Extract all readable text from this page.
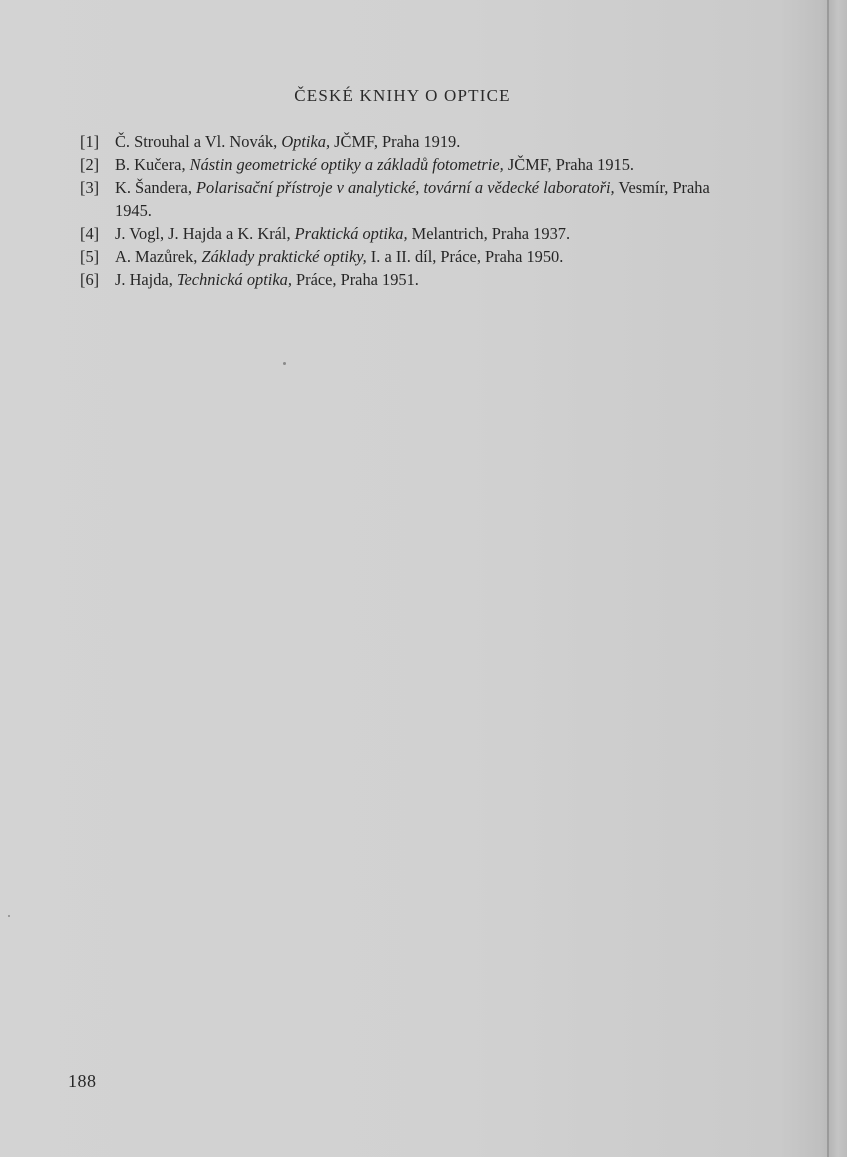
ČESKÉ KNIHY O OPTICE
[1] Č. Strouhal a Vl. Novák, Optika, JČMF, Praha 1919.
[2] B. Kučera, Nástin geometrické optiky a základů fotometrie, JČMF, Praha 1915.
[3] K. Šandera, Polarisační přístroje v analytické, tovární a vědecké laboratoři, Vesmír, Praha 1945.
[4] J. Vogl, J. Hajda a K. Král, Praktická optika, Melantrich, Praha 1937.
[5] A. Mazůrek, Základy praktické optiky, I. a II. díl, Práce, Praha 1950.
[6] J. Hajda, Technická optika, Práce, Praha 1951.
188
